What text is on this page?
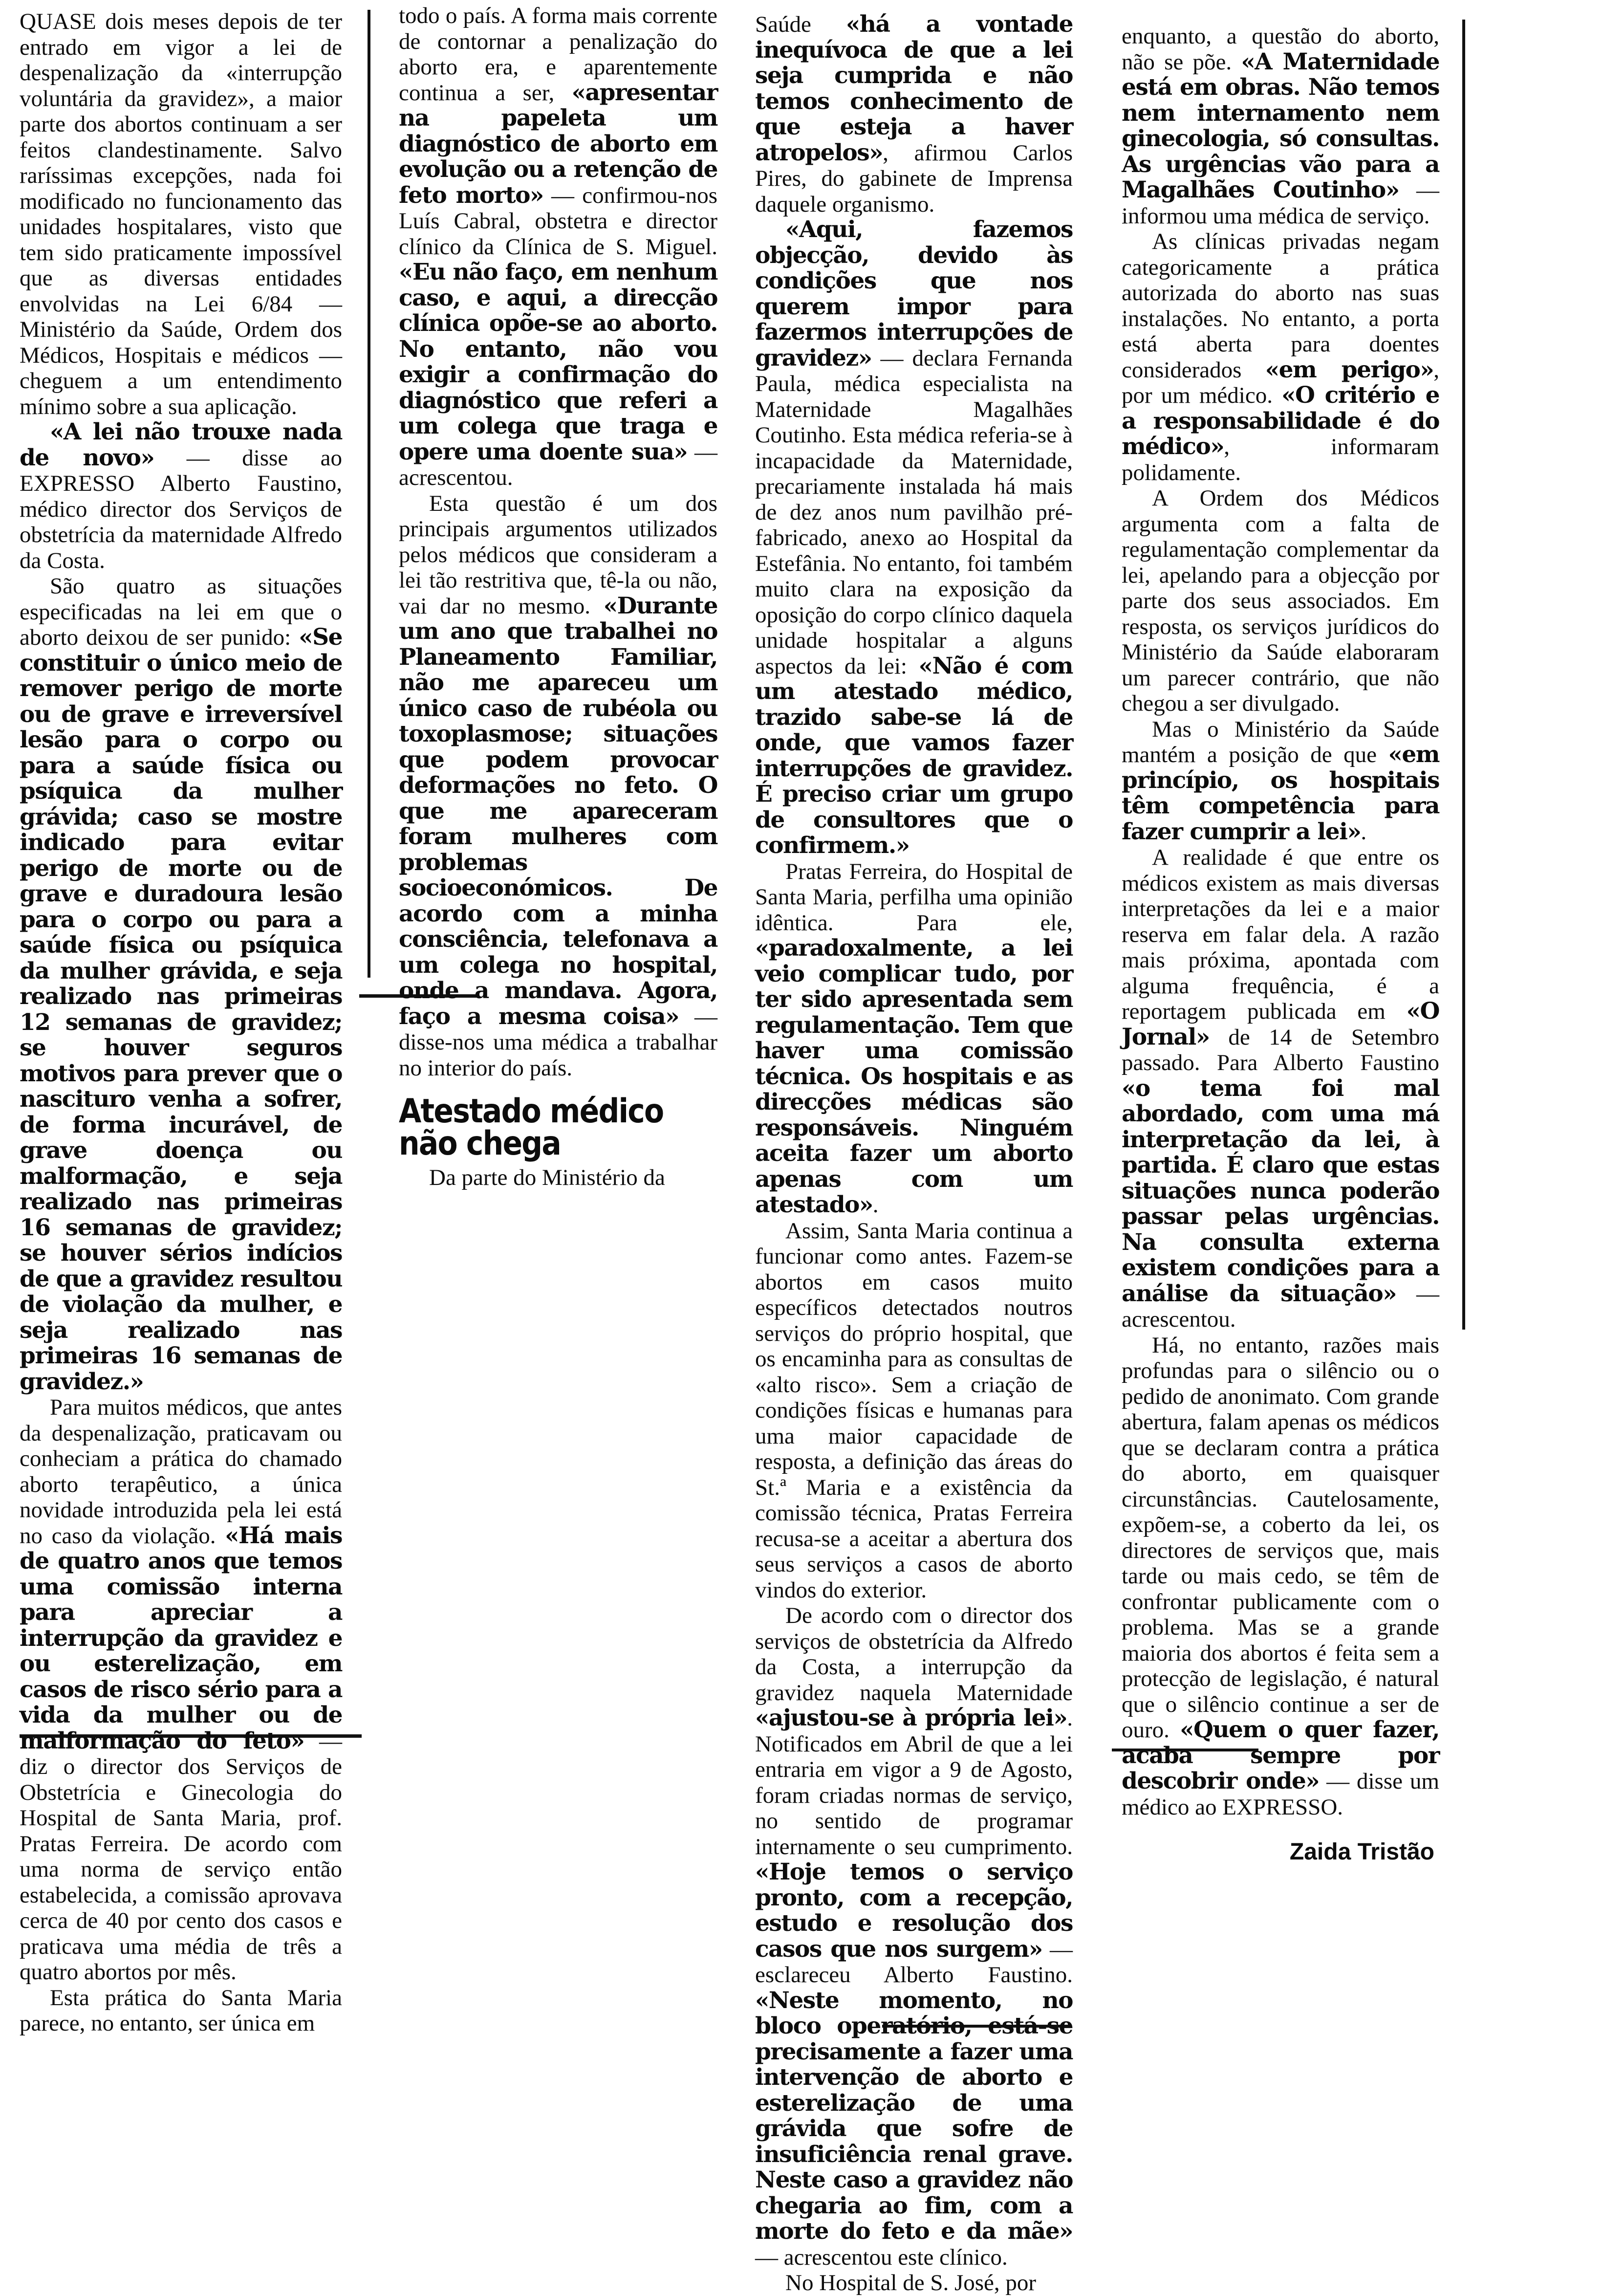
QUASE dois meses depois de ter entrado em vigor a lei de despenalização da «interrupção voluntária da gravidez», a maior parte dos abortos continuam a ser feitos clandestinamente. Salvo raríssimas excepções, nada foi modificado no funcionamento das unidades hospitalares, visto que tem sido praticamente impossível que as diversas entidades envolvidas na Lei 6/84 — Ministério da Saúde, Ordem dos Médicos, Hospitais e médicos — cheguem a um entendimento mínimo sobre a sua aplicação.

«A lei não trouxe nada de novo» — disse ao EXPRESSO Alberto Faustino, médico director dos Serviços de obstetrícia da maternidade Alfredo da Costa.

São quatro as situações especificadas na lei em que o aborto deixou de ser punido: «Se constituir o único meio de remover perigo de morte ou de grave e irreversível lesão para o corpo ou para a saúde física ou psíquica da mulher grávida; caso se mostre indicado para evitar perigo de morte ou de grave e duradoura lesão para o corpo ou para a saúde física ou psíquica da mulher grávida, e seja realizado nas primeiras 12 semanas de gravidez; se houver seguros motivos para prever que o nascituro venha a sofrer, de forma incurável, de grave doença ou malformação, e seja realizado nas primeiras 16 semanas de gravidez; se houver sérios indícios de que a gravidez resultou de violação da mulher, e seja realizado nas primeiras 16 semanas de gravidez.»

Para muitos médicos, que antes da despenalização, praticavam ou conheciam a prática do chamado aborto terapêutico, a única novidade introduzida pela lei está no caso da violação. «Há mais de quatro anos que temos uma comissão interna para apreciar a interrupção da gravidez e ou esterelização, em casos de risco sério para a vida da mulher ou de malformação do feto» — diz o director dos Serviços de Obstetrícia e Ginecologia do Hospital de Santa Maria, prof. Pratas Ferreira. De acordo com uma norma de serviço então estabelecida, a comissão aprovava cerca de 40 por cento dos casos e praticava uma média de três a quatro abortos por mês.

Esta prática do Santa Maria parece, no entanto, ser única em

todo o país. A forma mais corrente de contornar a penalização do aborto era, e aparentemente continua a ser, «apresentar na papeleta um diagnóstico de aborto em evolução ou a retenção de feto morto» — confirmou-nos Luís Cabral, obstetra e director clínico da Clínica de S. Miguel. «Eu não faço, em nenhum caso, e aqui, a direcção clínica opõe-se ao aborto. No entanto, não vou exigir a confirmação do diagnóstico que referi a um colega que traga e opere uma doente sua» — acrescentou.

Esta questão é um dos principais argumentos utilizados pelos médicos que consideram a lei tão restritiva que, tê-la ou não, vai dar no mesmo. «Durante um ano que trabalhei no Planeamento Familiar, não me apareceu um único caso de rubéola ou toxoplasmose; situações que podem provocar deformações no feto. O que me apareceram foram mulheres com problemas socioeconómicos. De acordo com a minha consciência, telefonava a um colega no hospital, onde a mandava. Agora, faço a mesma coisa» — disse-nos uma médica a trabalhar no interior do país.

Atestado médico não chega

Da parte do Ministério da

Saúde «há a vontade inequívoca de que a lei seja cumprida e não temos conhecimento de que esteja a haver atropelos», afirmou Carlos Pires, do gabinete de Imprensa daquele organismo.

«Aqui, fazemos objecção, devido às condições que nos querem impor para fazermos interrupções de gravidez» — declara Fernanda Paula, médica especialista na Maternidade Magalhães Coutinho. Esta médica referia-se à incapacidade da Maternidade, precariamente instalada há mais de dez anos num pavilhão pré-fabricado, anexo ao Hospital da Estefânia. No entanto, foi também muito clara na exposição da oposição do corpo clínico daquela unidade hospitalar a alguns aspectos da lei: «Não é com um atestado médico, trazido sabe-se lá de onde, que vamos fazer interrupções de gravidez. É preciso criar um grupo de consultores que o confirmem.»

Pratas Ferreira, do Hospital de Santa Maria, perfilha uma opinião idêntica. Para ele, «paradoxalmente, a lei veio complicar tudo, por ter sido apresentada sem regulamentação. Tem que haver uma comissão técnica. Os hospitais e as direcções médicas são responsáveis. Ninguém aceita fazer um aborto apenas com um atestado».

Assim, Santa Maria continua a funcionar como antes. Fazem-se abortos em casos muito específicos detectados noutros serviços do próprio hospital, que os encaminha para as consultas de «alto risco». Sem a criação de condições físicas e humanas para uma maior capacidade de resposta, a definição das áreas do St.ª Maria e a existência da comissão técnica, Pratas Ferreira recusa-se a aceitar a abertura dos seus serviços a casos de aborto vindos do exterior.

De acordo com o director dos serviços de obstetrícia da Alfredo da Costa, a interrupção da gravidez naquela Maternidade «ajustou-se à própria lei». Notificados em Abril de que a lei entraria em vigor a 9 de Agosto, foram criadas normas de serviço, no sentido de programar internamente o seu cumprimento. «Hoje temos o serviço pronto, com a recepção, estudo e resolução dos casos que nos surgem» — esclareceu Alberto Faustino. «Neste momento, no bloco operatório, está-se precisamente a fazer uma intervenção de aborto e esterelização de uma grávida que sofre de insuficiência renal grave. Neste caso a gravidez não chegaria ao fim, com a morte do feto e da mãe» — acrescentou este clínico.

No Hospital de S. José, por

enquanto, a questão do aborto, não se põe. «A Maternidade está em obras. Não temos nem internamento nem ginecologia, só consultas. As urgências vão para a Magalhães Coutinho» — informou uma médica de serviço.

As clínicas privadas negam categoricamente a prática autorizada do aborto nas suas instalações. No entanto, a porta está aberta para doentes considerados «em perigo», por um médico. «O critério e a responsabilidade é do médico», informaram polidamente.

A Ordem dos Médicos argumenta com a falta de regulamentação complementar da lei, apelando para a objecção por parte dos seus associados. Em resposta, os serviços jurídicos do Ministério da Saúde elaboraram um parecer contrário, que não chegou a ser divulgado.

Mas o Ministério da Saúde mantém a posição de que «em princípio, os hospitais têm competência para fazer cumprir a lei».

A realidade é que entre os médicos existem as mais diversas interpretações da lei e a maior reserva em falar dela. A razão mais próxima, apontada com alguma frequência, é a reportagem publicada em «O Jornal» de 14 de Setembro passado. Para Alberto Faustino «o tema foi mal abordado, com uma má interpretação da lei, à partida. É claro que estas situações nunca poderão passar pelas urgências. Na consulta externa existem condições para a análise da situação» — acrescentou.

Há, no entanto, razões mais profundas para o silêncio ou o pedido de anonimato. Com grande abertura, falam apenas os médicos que se declaram contra a prática do aborto, em quaisquer circunstâncias. Cautelosamente, expõem-se, a coberto da lei, os directores de serviços que, mais tarde ou mais cedo, se têm de confrontar publicamente com o problema. Mas se a grande maioria dos abortos é feita sem a protecção de legislação, é natural que o silêncio continue a ser de ouro. «Quem o quer fazer, acaba sempre por descobrir onde» — disse um médico ao EXPRESSO.

Zaida Tristão
